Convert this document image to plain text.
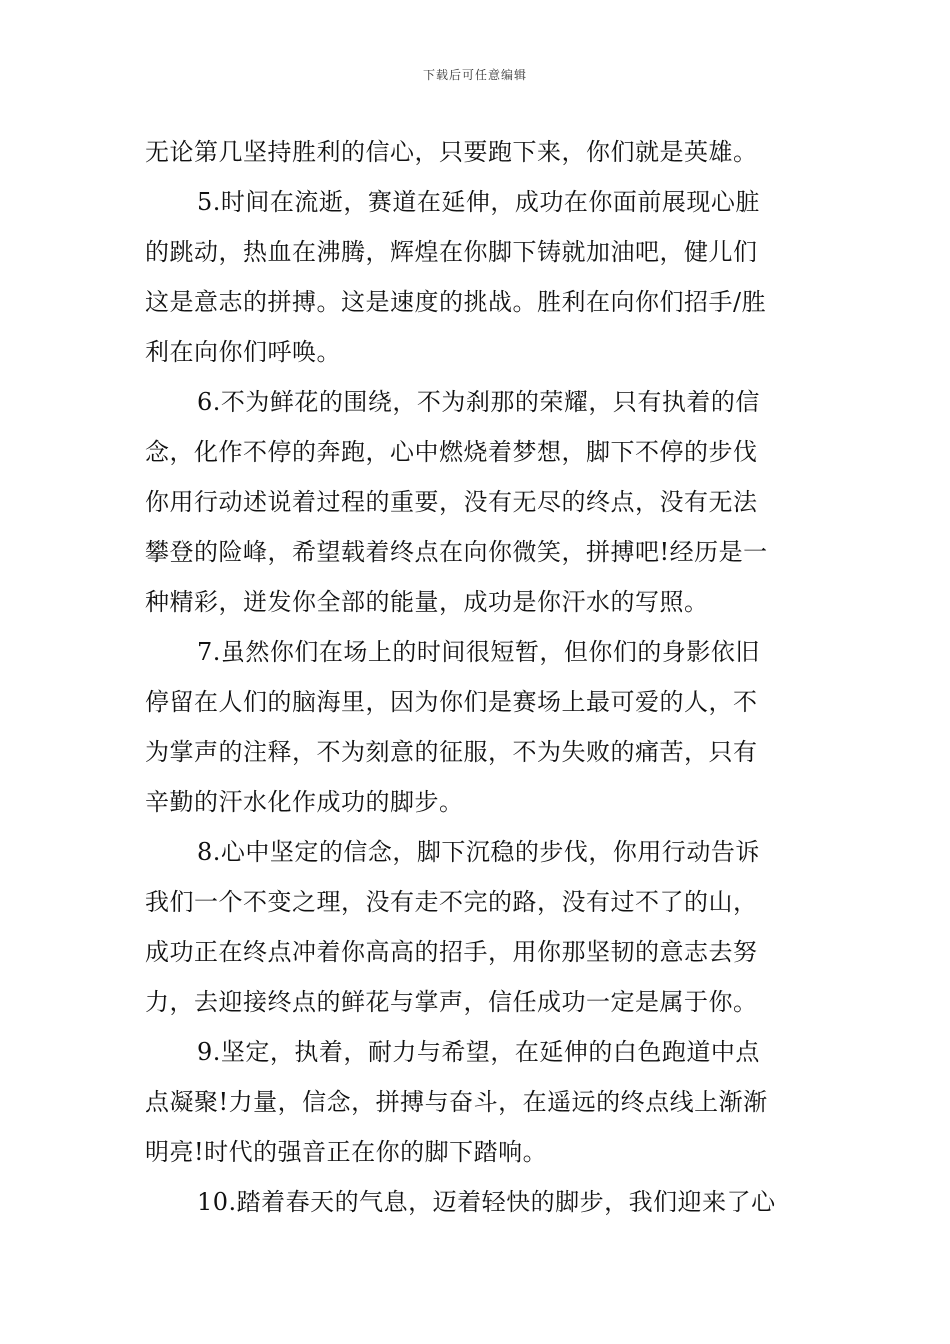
下载后可任意编辑
无论第几坚持胜利的信心，只要跑下来，你们就是英雄。
5.时间在流逝，赛道在延伸，成功在你面前展现心脏
的跳动，热血在沸腾，辉煌在你脚下铸就加油吧，健儿们
这是意志的拼搏。这是速度的挑战。胜利在向你们招手/胜
利在向你们呼唤。
6.不为鲜花的围绕，不为刹那的荣耀，只有执着的信
念，化作不停的奔跑，心中燃烧着梦想，脚下不停的步伐
你用行动述说着过程的重要，没有无尽的终点，没有无法
攀登的险峰，希望载着终点在向你微笑，拼搏吧!经历是一
种精彩，迸发你全部的能量，成功是你汗水的写照。
7.虽然你们在场上的时间很短暂，但你们的身影依旧
停留在人们的脑海里，因为你们是赛场上最可爱的人，不
为掌声的注释，不为刻意的征服，不为失败的痛苦，只有
辛勤的汗水化作成功的脚步。
8.心中坚定的信念，脚下沉稳的步伐，你用行动告诉
我们一个不变之理，没有走不完的路，没有过不了的山，
成功正在终点冲着你高高的招手，用你那坚韧的意志去努
力，去迎接终点的鲜花与掌声，信任成功一定是属于你。
9.坚定，执着，耐力与希望，在延伸的白色跑道中点
点凝聚!力量，信念，拼搏与奋斗，在遥远的终点线上渐渐
明亮!时代的强音正在你的脚下踏响。
10.踏着春天的气息，迈着轻快的脚步，我们迎来了心
